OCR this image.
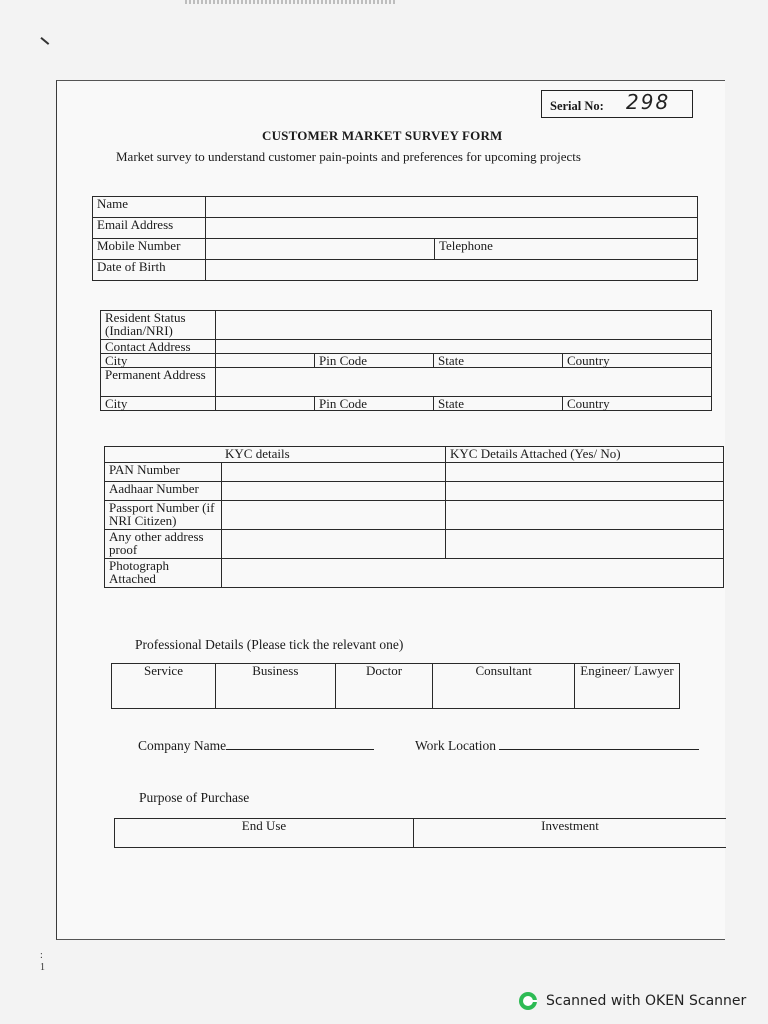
Serial No: 298
CUSTOMER MARKET SURVEY FORM
Market survey to understand customer pain-points and preferences for upcoming projects
Name		
Email Address		
Mobile Number		Telephone
Date of Birth		
Resident Status (Indian/NRI)				
Contact Address				
City		Pin Code	State	Country
Permanent Address				
City		Pin Code	State	Country
	KYC details	KYC Details Attached (Yes/ No)
PAN Number		
Aadhaar Number		
Passport Number (if NRI Citizen)		
Any other address proof		
Photograph Attached		
Professional Details (Please tick the relevant one)
Service	Business	Doctor	Consultant	Engineer/ Lawyer
Company Name	Work Location
Purpose of Purchase
End Use	Investment
:
1
Scanned with OKEN Scanner
